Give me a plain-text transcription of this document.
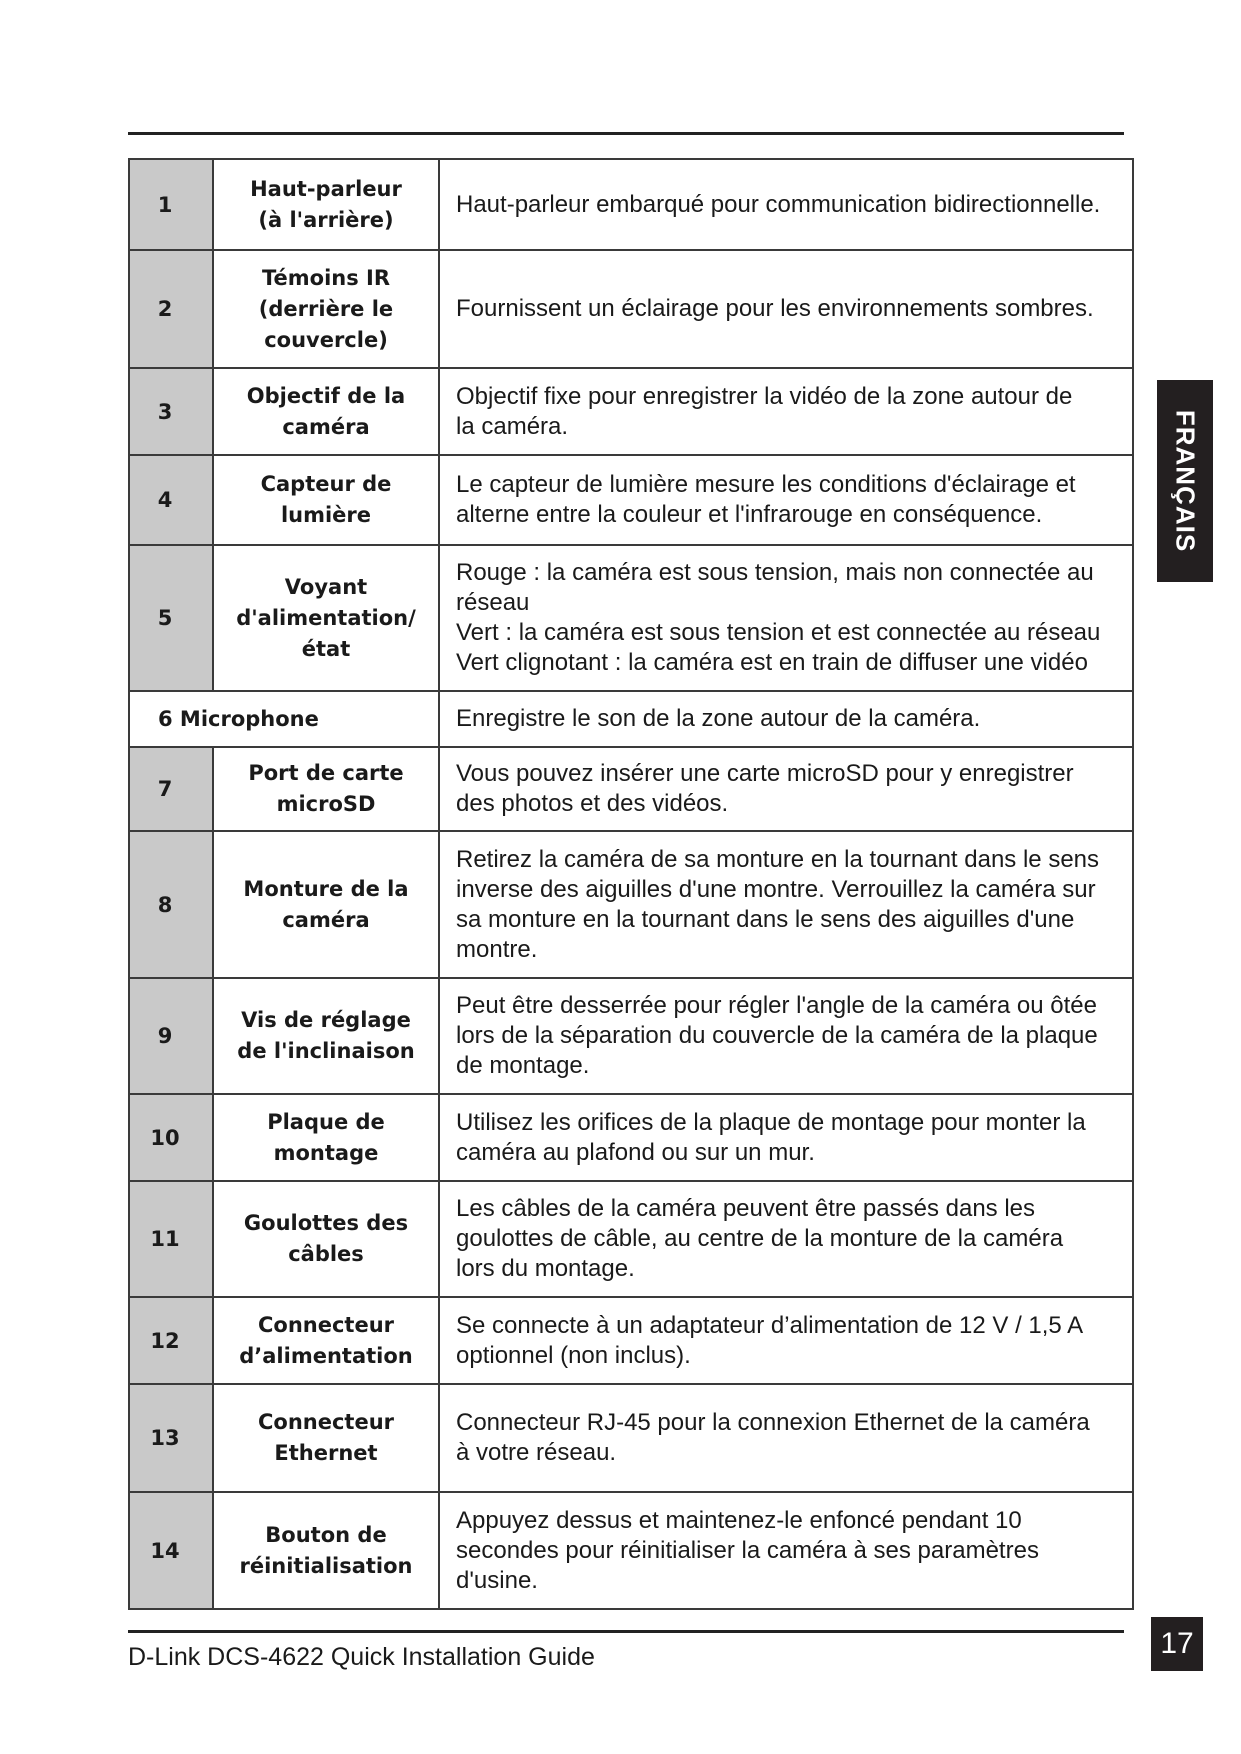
1	Haut-parleur
(à l'arrière)	Haut-parleur embarqué pour communication bidirectionnelle.
2	Témoins IR
(derrière le
couvercle)	Fournissent un éclairage pour les environnements sombres.
3	Objectif de la
caméra	Objectif fixe pour enregistrer la vidéo de la zone autour de
la caméra.
4	Capteur de
lumière	Le capteur de lumière mesure les conditions d'éclairage et
alterne entre la couleur et l'infrarouge en conséquence.
5	Voyant
d'alimentation/
état	Rouge : la caméra est sous tension, mais non connectée au
réseau
Vert : la caméra est sous tension et est connectée au réseau
Vert clignotant : la caméra est en train de diffuser une vidéo
6 Microphone		Enregistre le son de la zone autour de la caméra.
7	Port de carte
microSD	Vous pouvez insérer une carte microSD pour y enregistrer
des photos et des vidéos.
8	Monture de la
caméra	Retirez la caméra de sa monture en la tournant dans le sens
inverse des aiguilles d'une montre. Verrouillez la caméra sur
sa monture en la tournant dans le sens des aiguilles d'une
montre.
9	Vis de réglage
de l'inclinaison	Peut être desserrée pour régler l'angle de la caméra ou ôtée
lors de la séparation du couvercle de la caméra de la plaque
de montage.
10	Plaque de
montage	Utilisez les orifices de la plaque de montage pour monter la
caméra au plafond ou sur un mur.
11	Goulottes des
câbles	Les câbles de la caméra peuvent être passés dans les
goulottes de câble, au centre de la monture de la caméra
lors du montage.
12	Connecteur
d’alimentation	Se connecte à un adaptateur d’alimentation de 12 V / 1,5 A
optionnel (non inclus).
13	Connecteur
Ethernet	Connecteur RJ-45 pour la connexion Ethernet de la caméra
à votre réseau.
14	Bouton de
réinitialisation	Appuyez dessus et maintenez-le enfoncé pendant 10
secondes pour réinitialiser la caméra à ses paramètres
d'usine.
FRANÇAIS
D-Link DCS-4622 Quick Installation Guide	17
